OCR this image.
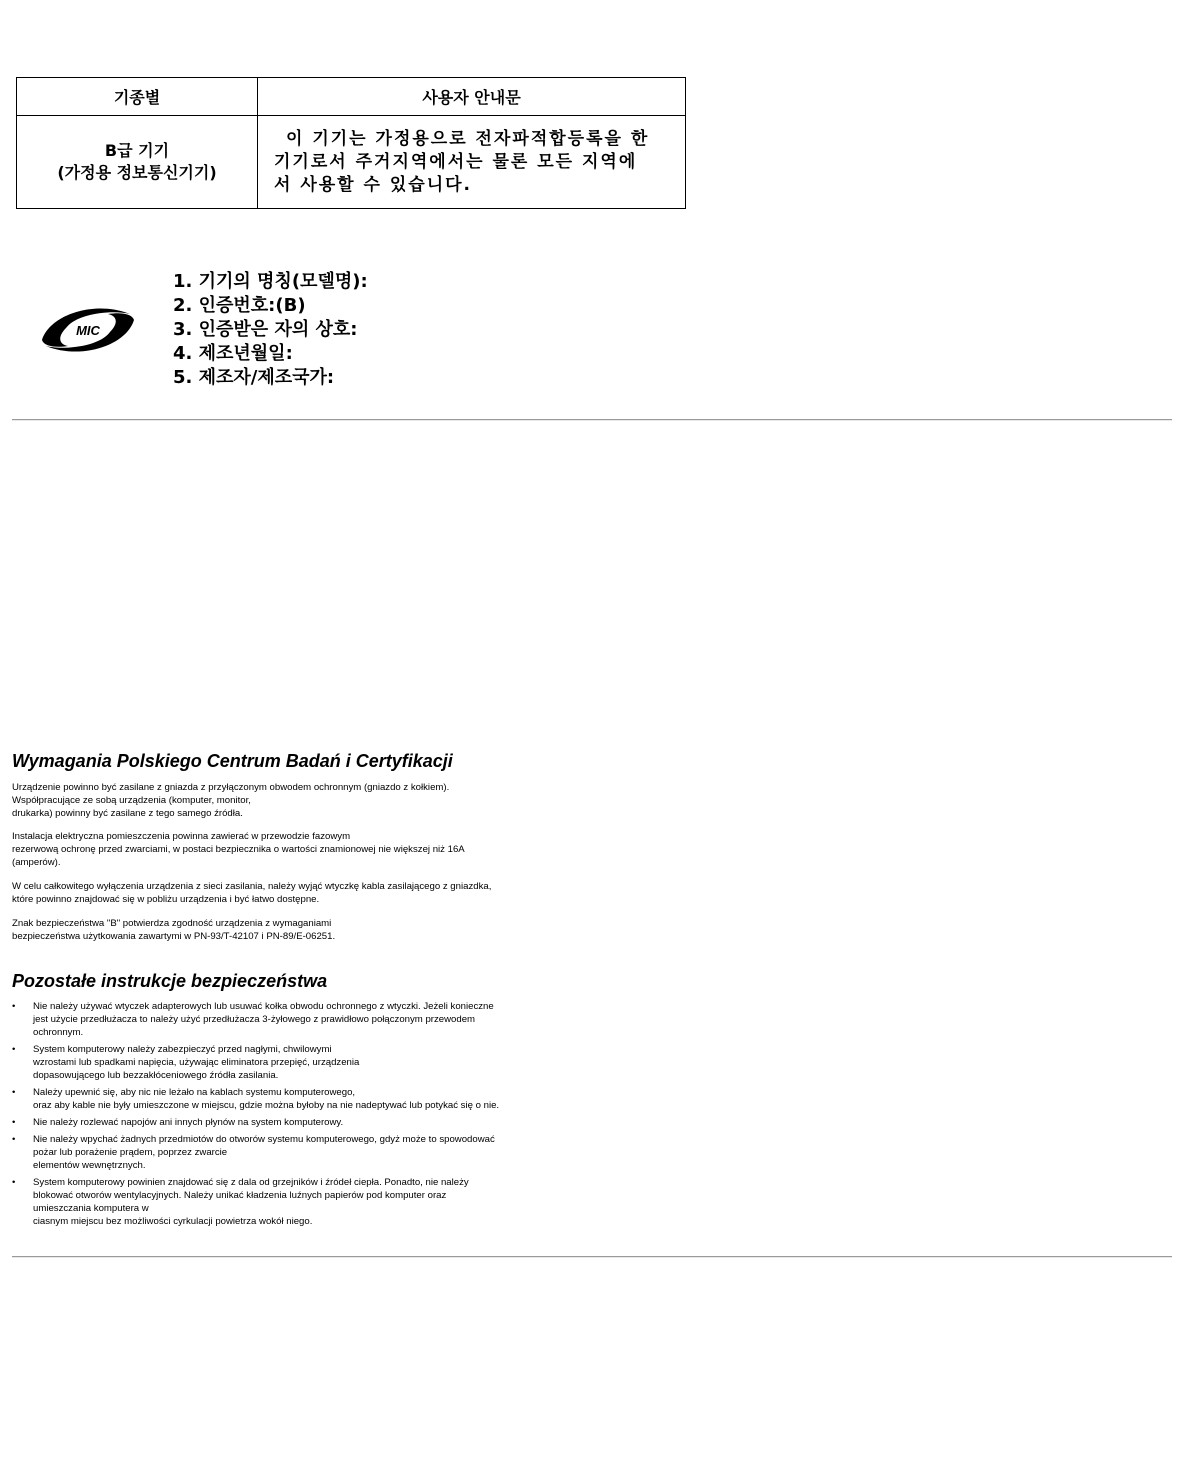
기종별	사용자 안내문

B급 기기
(가정용 정보통신기기)	이 기기는 가정용으로 전자파적합등록을 한
기기로서 주거지역에서는 물론 모든 지역에
서 사용할 수 있습니다.
MIC
1. 기기의 명칭(모델명):
2. 인증번호:(B)
3. 인증받은 자의 상호:
4. 제조년월일:
5. 제조자/제조국가:
Wymagania Polskiego Centrum Badań i Certyfikacji

Urządzenie powinno być zasilane z gniazda z przyłączonym obwodem ochronnym (gniazdo z kołkiem).
Współpracujące ze sobą urządzenia (komputer, monitor,
drukarka) powinny być zasilane z tego samego źródła.

Instalacja elektryczna pomieszczenia powinna zawierać w przewodzie fazowym
rezerwową ochronę przed zwarciami, w postaci bezpiecznika o wartości znamionowej nie większej niż 16A
(amperów).

W celu całkowitego wyłączenia urządzenia z sieci zasilania, należy wyjąć wtyczkę kabla zasilającego z gniazdka,
które powinno znajdować się w pobliżu urządzenia i być łatwo dostępne.

Znak bezpieczeństwa "B" potwierdza zgodność urządzenia z wymaganiami
bezpieczeństwa użytkowania zawartymi w PN-93/T-42107 i PN-89/E-06251.

Pozostałe instrukcje bezpieczeństwa
• Nie należy używać wtyczek adapterowych lub usuwać kołka obwodu ochronnego z wtyczki. Jeżeli konieczne
jest użycie przedłużacza to należy użyć przedłużacza 3-żyłowego z prawidłowo połączonym przewodem
ochronnym.
• System komputerowy należy zabezpieczyć przed nagłymi, chwilowymi
wzrostami lub spadkami napięcia, używając eliminatora przepięć, urządzenia
dopasowującego lub bezzakłóceniowego źródła zasilania.
• Należy upewnić się, aby nic nie leżało na kablach systemu komputerowego,
oraz aby kable nie były umieszczone w miejscu, gdzie można byłoby na nie nadeptywać lub potykać się o nie.
• Nie należy rozlewać napojów ani innych płynów na system komputerowy.
• Nie należy wpychać żadnych przedmiotów do otworów systemu komputerowego, gdyż może to spowodować
pożar lub porażenie prądem, poprzez zwarcie
elementów wewnętrznych.
• System komputerowy powinien znajdować się z dala od grzejników i źródeł ciepła. Ponadto, nie należy
blokować otworów wentylacyjnych. Należy unikać kładzenia luźnych papierów pod komputer oraz
umieszczania komputera w
ciasnym miejscu bez możliwości cyrkulacji powietrza wokół niego.
